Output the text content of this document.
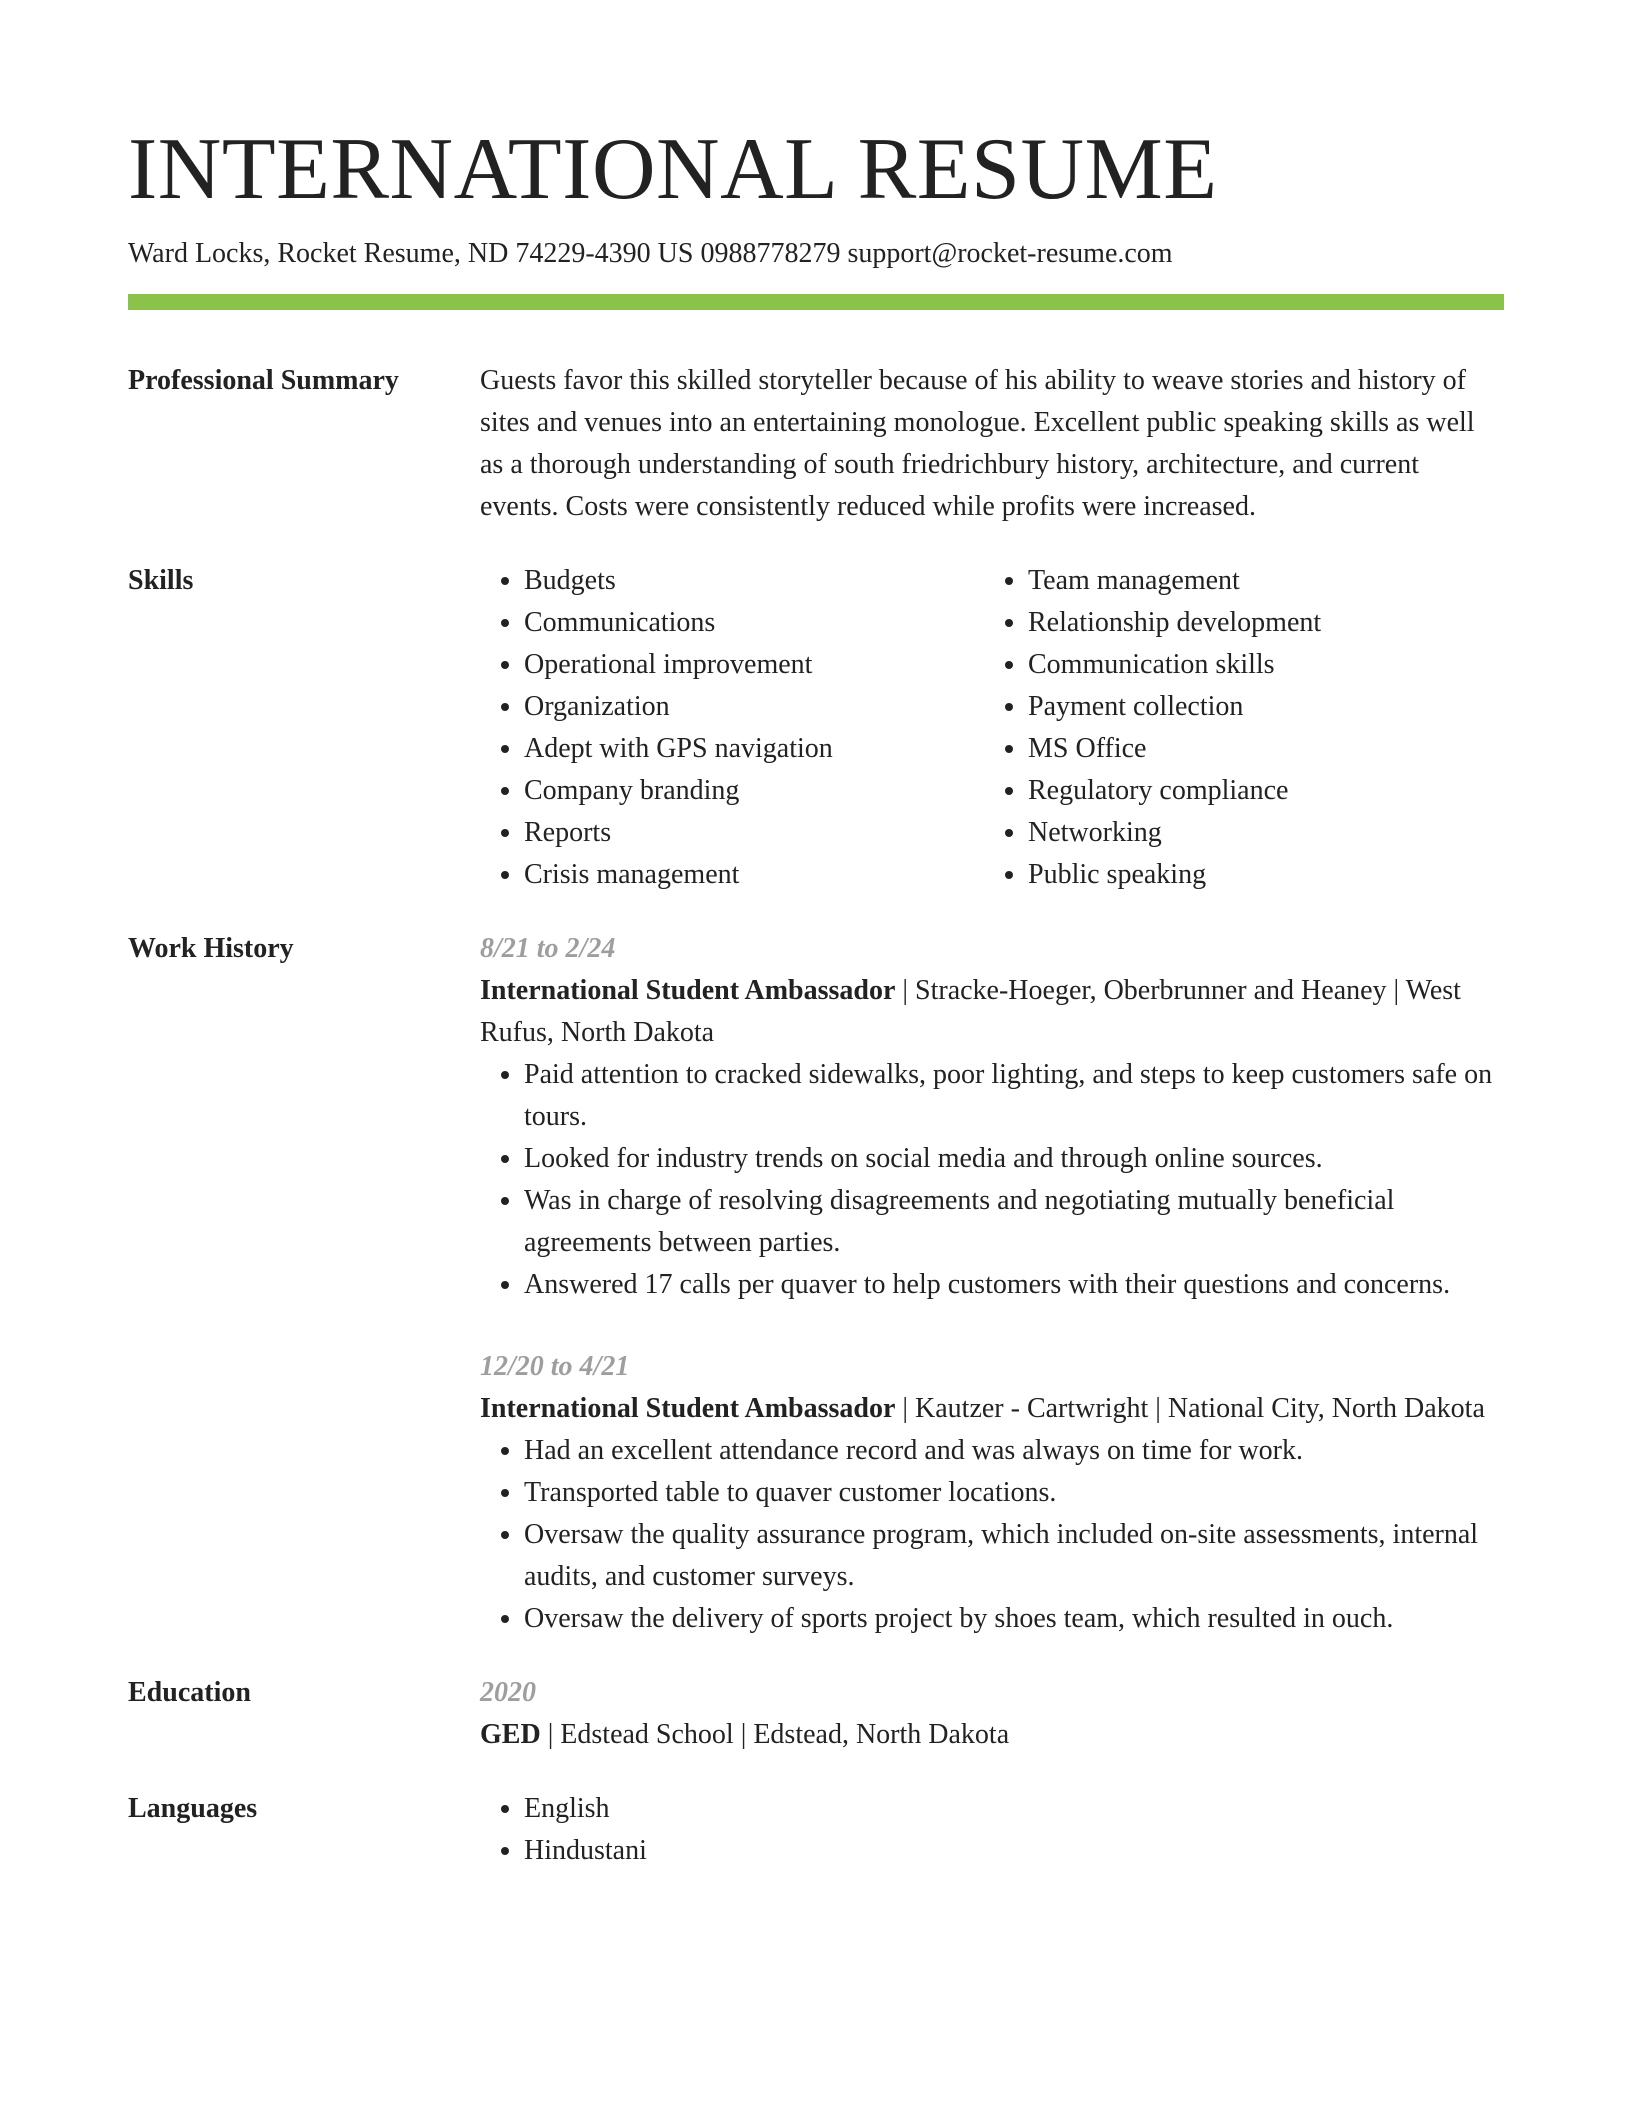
INTERNATIONAL RESUME
Ward Locks, Rocket Resume, ND 74229-4390 US 0988778279 support@rocket-resume.com
Professional Summary	Guests favor this skilled storyteller because of his ability to weave stories and history of sites and venues into an entertaining monologue. Excellent public speaking skills as well as a thorough understanding of south friedrichbury history, architecture, and current events. Costs were consistently reduced while profits were increased.

Skills	• Budgets
• Communications
• Operational improvement
• Organization
• Adept with GPS navigation
• Company branding
• Reports
• Crisis management
• Team management
• Relationship development
• Communication skills
• Payment collection
• MS Office
• Regulatory compliance
• Networking
• Public speaking
Work History	8/21 to 2/24

International Student Ambassador | Stracke-Hoeger, Oberbrunner and Heaney | West Rufus, North Dakota

• Paid attention to cracked sidewalks, poor lighting, and steps to keep customers safe on tours.
• Looked for industry trends on social media and through online sources.
• Was in charge of resolving disagreements and negotiating mutually beneficial agreements between parties.
• Answered 17 calls per quaver to help customers with their questions and concerns.
12/20 to 4/21

International Student Ambassador | Kautzer - Cartwright | National City, North Dakota

• Had an excellent attendance record and was always on time for work.
• Transported table to quaver customer locations.
• Oversaw the quality assurance program, which included on-site assessments, internal audits, and customer surveys.
• Oversaw the delivery of sports project by shoes team, which resulted in ouch.
Education	2020

GED | Edstead School | Edstead, North Dakota

Languages	• English
• Hindustani
